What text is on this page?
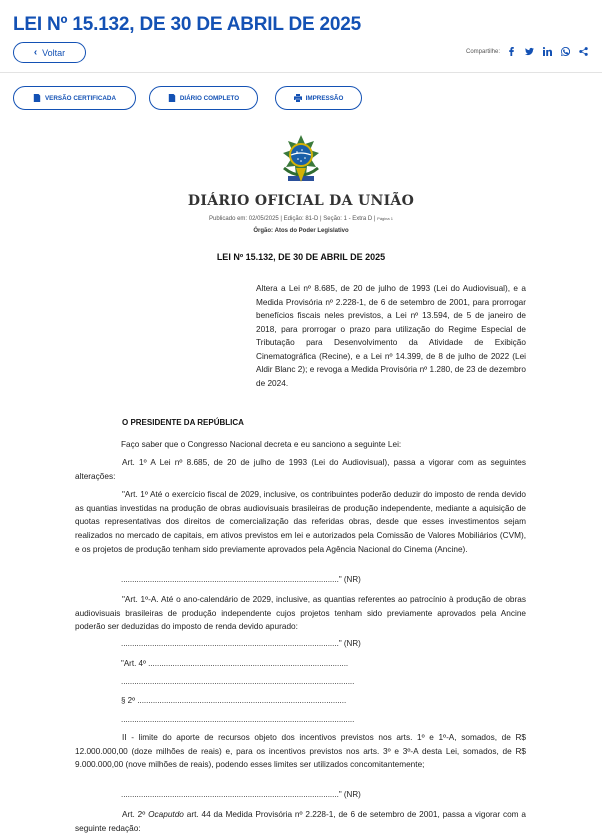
LEI Nº 15.132, DE 30 DE ABRIL DE 2025
‹ Voltar	Compartilhe:
VERSÃO CERTIFICADA	DIÁRIO COMPLETO	IMPRESSÃO
DIÁRIO OFICIAL DA UNIÃO
Publicado em: 02/05/2025 | Edição: 81-D | Seção: 1 - Extra D | Página 1
Órgão: Atos do Poder Legislativo
LEI Nº 15.132, DE 30 DE ABRIL DE 2025
Altera a Lei nº 8.685, de 20 de julho de 1993 (Lei do Audiovisual), e a Medida Provisória nº 2.228-1, de 6 de setembro de 2001, para prorrogar benefícios fiscais neles previstos, a Lei nº 13.594, de 5 de janeiro de 2018, para prorrogar o prazo para utilização do Regime Especial de Tributação para Desenvolvimento da Atividade de Exibição Cinematográfica (Recine), e a Lei nº 14.399, de 8 de julho de 2022 (Lei Aldir Blanc 2); e revoga a Medida Provisória nº 1.280, de 23 de dezembro de 2024.
O PRESIDENTE DA REPÚBLICA
Faço saber que o Congresso Nacional decreta e eu sanciono a seguinte Lei:
Art. 1º A Lei nº 8.685, de 20 de julho de 1993 (Lei do Audiovisual), passa a vigorar com as seguintes alterações:
"Art. 1º Até o exercício fiscal de 2029, inclusive, os contribuintes poderão deduzir do imposto de renda devido as quantias investidas na produção de obras audiovisuais brasileiras de produção independente, mediante a aquisição de quotas representativas dos direitos de comercialização das referidas obras, desde que esses investimentos sejam realizados no mercado de capitais, em ativos previstos em lei e autorizados pela Comissão de Valores Mobiliários (CVM), e os projetos de produção tenham sido previamente aprovados pela Agência Nacional do Cinema (Ancine).
.................................................................................................." (NR)
"Art. 1º-A. Até o ano-calendário de 2029, inclusive, as quantias referentes ao patrocínio à produção de obras audiovisuais brasileiras de produção independente cujos projetos tenham sido previamente aprovados pela Ancine poderão ser deduzidas do imposto de renda devido apurado:
.................................................................................................." (NR)
"Art. 4º ..........................................................................................
.........................................................................................................
§ 2º ..............................................................................................
.........................................................................................................
II - limite do aporte de recursos objeto dos incentivos previstos nos arts. 1º e 1º-A, somados, de R$ 12.000.000,00 (doze milhões de reais) e, para os incentivos previstos nos arts. 3º e 3º-A desta Lei, somados, de R$ 9.000.000,00 (nove milhões de reais), podendo esses limites ser utilizados concomitantemente;
.................................................................................................." (NR)
Art. 2º Ocaputdo art. 44 da Medida Provisória nº 2.228-1, de 6 de setembro de 2001, passa a vigorar com a seguinte redação:
